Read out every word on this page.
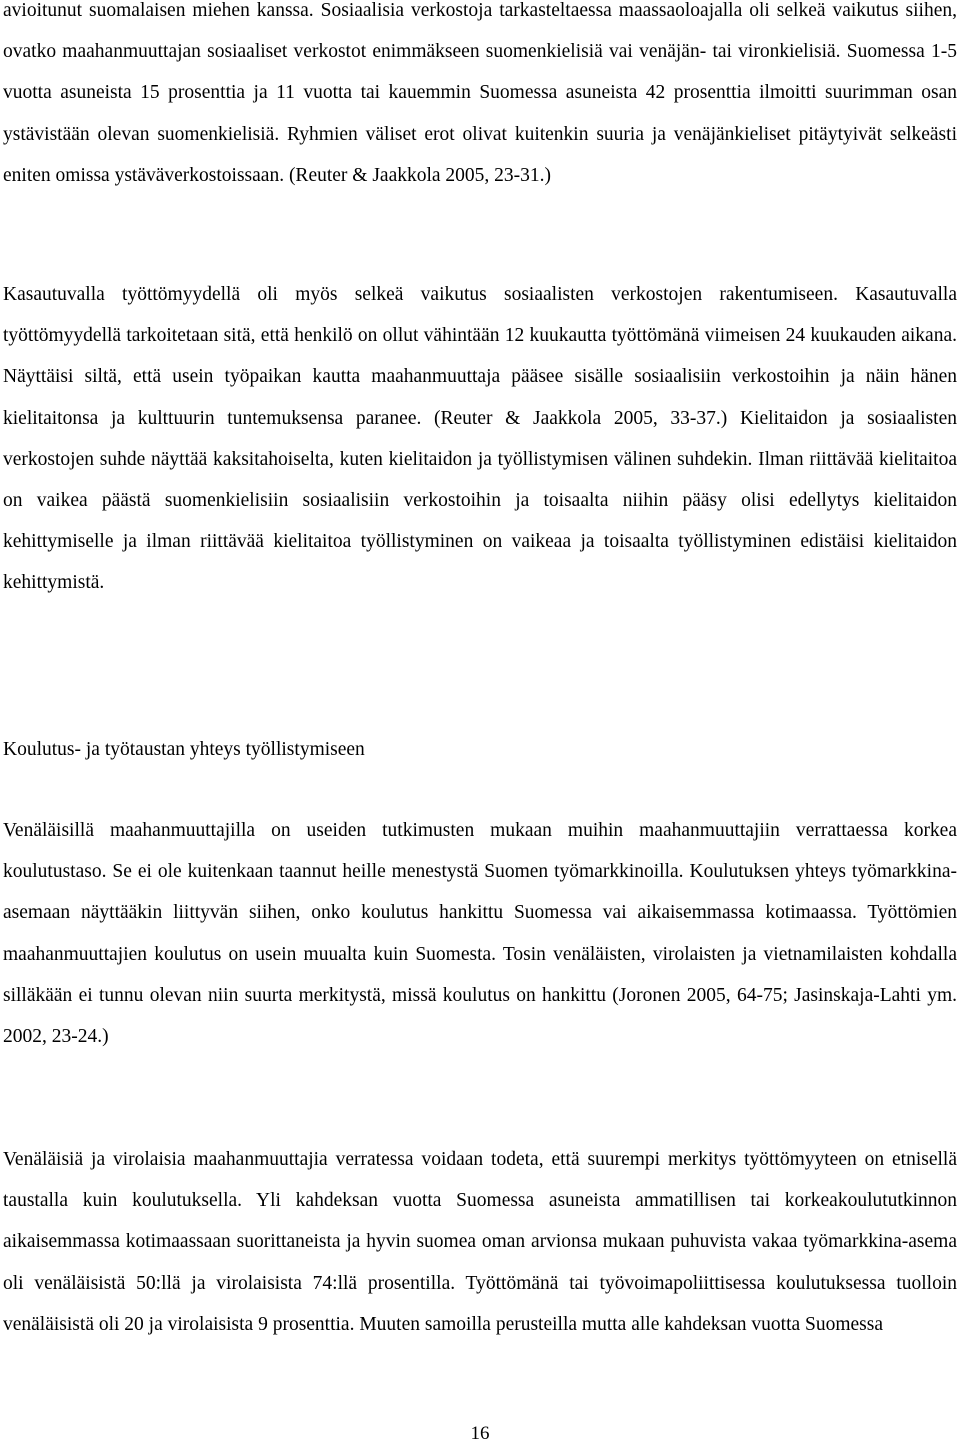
avioitunut suomalaisen miehen kanssa. Sosiaalisia verkostoja tarkasteltaessa maassaoloajalla oli selkeä vaikutus siihen, ovatko maahanmuuttajan sosiaaliset verkostot enimmäkseen suomenkielisiä vai venäjän- tai vironkielisiä. Suomessa 1-5 vuotta asuneista 15 prosenttia ja 11 vuotta tai kauemmin Suomessa asuneista 42 prosenttia ilmoitti suurimman osan ystävistään olevan suomenkielisiä. Ryhmien väliset erot olivat kuitenkin suuria ja venäjänkieliset pitäytyivät selkeästi eniten omissa ystäväverkostoissaan. (Reuter & Jaakkola 2005, 23-31.)

Kasautuvalla työttömyydellä oli myös selkeä vaikutus sosiaalisten verkostojen rakentumiseen. Kasautuvalla työttömyydellä tarkoitetaan sitä, että henkilö on ollut vähintään 12 kuukautta työttömänä viimeisen 24 kuukauden aikana. Näyttäisi siltä, että usein työpaikan kautta maahanmuuttaja pääsee sisälle sosiaalisiin verkostoihin ja näin hänen kielitaitonsa ja kulttuurin tuntemuksensa paranee. (Reuter & Jaakkola 2005, 33-37.) Kielitaidon ja sosiaalisten verkostojen suhde näyttää kaksitahoiselta, kuten kielitaidon ja työllistymisen välinen suhdekin. Ilman riittävää kielitaitoa on vaikea päästä suomenkielisiin sosiaalisiin verkostoihin ja toisaalta niihin pääsy olisi edellytys kielitaidon kehittymiselle ja ilman riittävää kielitaitoa työllistyminen on vaikeaa ja toisaalta työllistyminen edistäisi kielitaidon kehittymistä.

Koulutus- ja työtaustan yhteys työllistymiseen

Venäläisillä maahanmuuttajilla on useiden tutkimusten mukaan muihin maahanmuuttajiin verrattaessa korkea koulutustaso. Se ei ole kuitenkaan taannut heille menestystä Suomen työmarkkinoilla. Koulutuksen yhteys työmarkkina-asemaan näyttääkin liittyvän siihen, onko koulutus hankittu Suomessa vai aikaisemmassa kotimaassa. Työttömien maahanmuuttajien koulutus on usein muualta kuin Suomesta. Tosin venäläisten, virolaisten ja vietnamilaisten kohdalla silläkään ei tunnu olevan niin suurta merkitystä, missä koulutus on hankittu (Joronen 2005, 64-75; Jasinskaja-Lahti ym. 2002, 23-24.)

Venäläisiä ja virolaisia maahanmuuttajia verratessa voidaan todeta, että suurempi merkitys työttömyyteen on etnisellä taustalla kuin koulutuksella. Yli kahdeksan vuotta Suomessa asuneista ammatillisen tai korkeakoulututkinnon aikaisemmassa kotimaassaan suorittaneista ja hyvin suomea oman arvionsa mukaan puhuvista vakaa työmarkkina-asema oli venäläisistä 50:llä ja virolaisista 74:llä prosentilla. Työttömänä tai työvoimapoliittisessa koulutuksessa tuolloin venäläisistä oli 20 ja virolaisista 9 prosenttia. Muuten samoilla perusteilla mutta alle kahdeksan vuotta Suomessa

16
